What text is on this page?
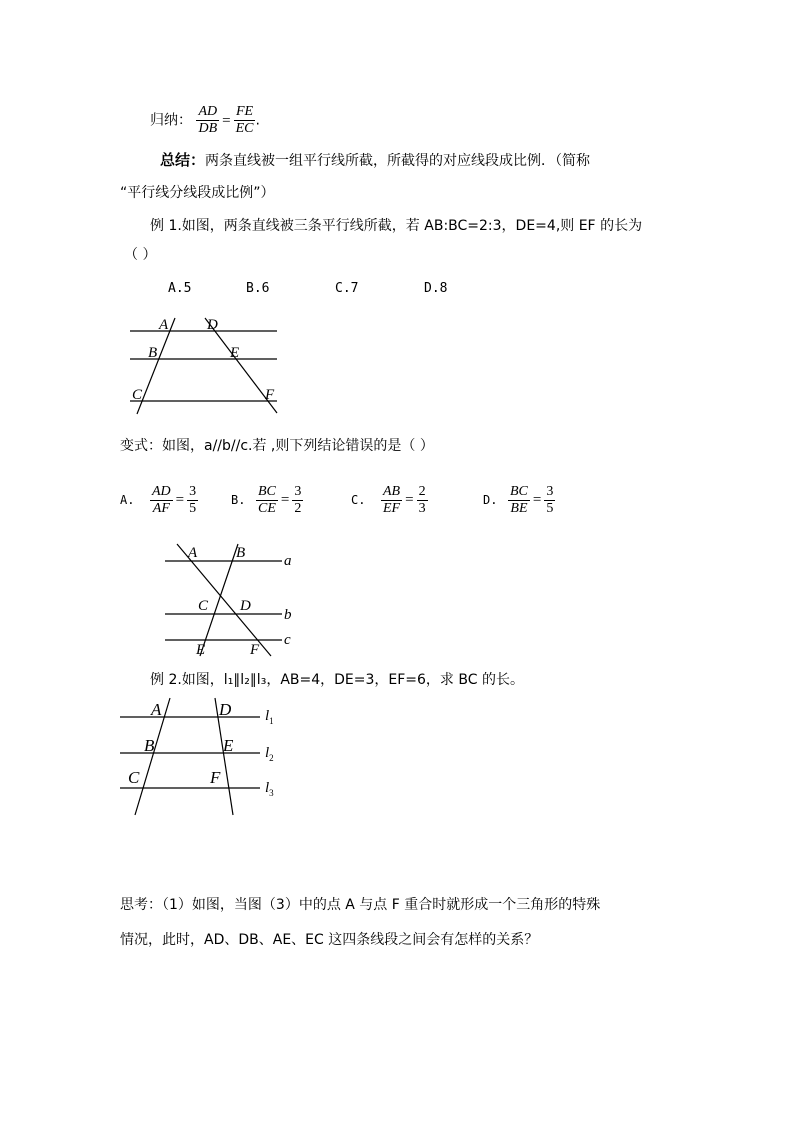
归纳： $\frac{AD}{DB} = \frac{FE}{EC}$ .
总结：两条直线被一组平行线所截，所截得的对应线段成比例．（简称
“平行线分线段成比例”）
例 1.如图，两条直线被三条平行线所截，若 AB:BC=2:3，DE=4,则 EF 的长为
（ ）
A.5	B.6	C.7	D.8
A	D
B	E
C	F
变式：如图，a//b//c.若 ,则下列结论错误的是（ ）
A.	$\frac{AD}{AF} = \frac{3}{5}$	B. $\frac{BC}{CE} = \frac{3}{2}$	C.	$\frac{AB}{EF} = \frac{2}{3}$	D. $\frac{BC}{BE} = \frac{3}{5}$
A	B	a
C D
b
E	F
c
例 2.如图，l₁∥l₂∥l₃，AB=4，DE=3，EF=6，求 BC 的长。
A	D $l_1$
B	E $l_2$
C	F
$l_3$
思考：（1）如图，当图（3）中的点 A 与点 F 重合时就形成一个三角形的特殊
情况，此时，AD、DB、AE、EC 这四条线段之间会有怎样的关系？
